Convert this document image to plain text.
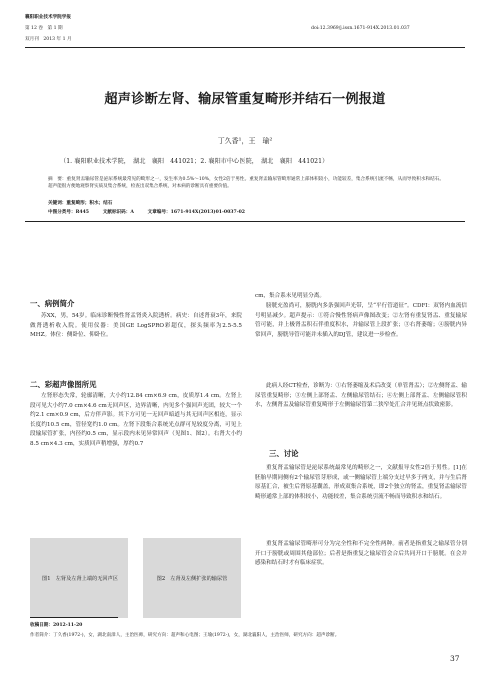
襄阳职业技术学院学报
第 12 卷　第 1 期
双月刊　2013 年 1 月
doi:12.3969/j.issn.1671-914X.2013.01.037
超声诊断左肾、输尿管重复畸形并结石一例报道
丁久香¹，王　瑜²
（1. 襄阳职业技术学院，　湖北　襄阳　441021；2. 襄阳市中心医院，　湖北　襄阳　441021）

摘　要：重复肾盂输尿管是泌尿系统最常见的畸形之一，发生率为0.5%～10%，女性2倍于男性。重复肾盂输尿管畸形通常上部体积较小，功能较差，集合系统引流不畅，从而导致积水和结石。超声能很方便地观察肾实质及集合系统，检查出双集合系统，对本病的诊断具有重要价值。

关键词：重复畸形；积水；结石
中图分类号：R445　　　文献标识码：A　　　文章编号：1671-914X(2013)01-0037-02
一、病例简介

苏XX，男，54岁。临床诊断慢性肾盂肾炎入院透析。病史：自述肾衰3年，来院做肾透析收入院。使用仪器：美国GE LogSPRO彩超仪，探头频率为2.5-5.5 MHZ。体位：侧卧位、仰卧位。

二、彩超声像图所见

左肾形态失常，轮廓清晰，大小约12.84 cm×6.9 cm，皮质厚1.4 cm。左肾上段可见大小约7.0 cm×4.6 cm无回声区，边界清晰，内见多个强回声光团，较大一个约2.1 cm×0.9 cm，后方伴声影。其下方可见一无回声暗道与其无回声区相连，显示长度约10.5 cm，管径宽约1.0 cm。左肾下段集合系统光点群可见较度分离，可见上段输尿管扩张，内径约0.5 cm，显示段内未见异常回声（见图1、图2）。右肾大小约8.5 cm×4.3 cm，实质回声稍增强，厚约0.7

图1　左肾及左肾上端的无回声区	图2　左肾及左侧扩张的输尿管

cm，集合系未见明显分离。

膀胱充盈尚可，膀胱内多条强回声光带，呈“平行管道征”。CDFI：双肾内血流信号明显减少。超声提示：①符合慢性肾病声像图改变；②左肾有重复肾盂、重复输尿管可能，并上极肾盂积石伴重度积水，并输尿管上段扩张；③右肾萎缩；④膀胱内异常回声，膀胱导管可能并未插入的DJ管，建议进一步检查。

此病人经CT检查，诊断为：①右肾萎缩及术后改变（单管肾盂）；②左侧肾盂、输尿管重复畸形；③左侧上部肾盂、左侧输尿管结石；④左侧上部肾盂、左侧输尿管积水，左侧肾盂及输尿管重复畸形于左侧输尿管第二狭窄处汇合并见斑点状致密影。

三、讨论

重复肾盂输尿管是泌尿系统最常见的畸形之一，文献报导女性2倍于男性。[1]在胚胎早期同侧有2个输尿管芽形成，或一侧输尿管上端分支过早多于两支，并与生后肾原基汇合，被生后肾原基囊盖，形成双集合系统，即2个独立的肾盂，重复肾盂输尿管畸形通常上部的体积较小，功能较差，集合系统引流不畅而导致积水和结石。

重复肾盂输尿管畸形可分为完全性和不完全性两种。前者是指重复之输尿管分别开口于膀胱或周围其他部位；后者是指重复之输尿管会合后共同开口于膀胱。在会并感染和结石时才有临床症状。

收稿日期：2012-11-20
作者简介：丁久香(1972-)，女，湖北南漳人，主治医师，研究方向：超声和心电图；王瑜(1972-)，女，湖北襄阳人，主治医师，研究方向：超声诊断。
37
